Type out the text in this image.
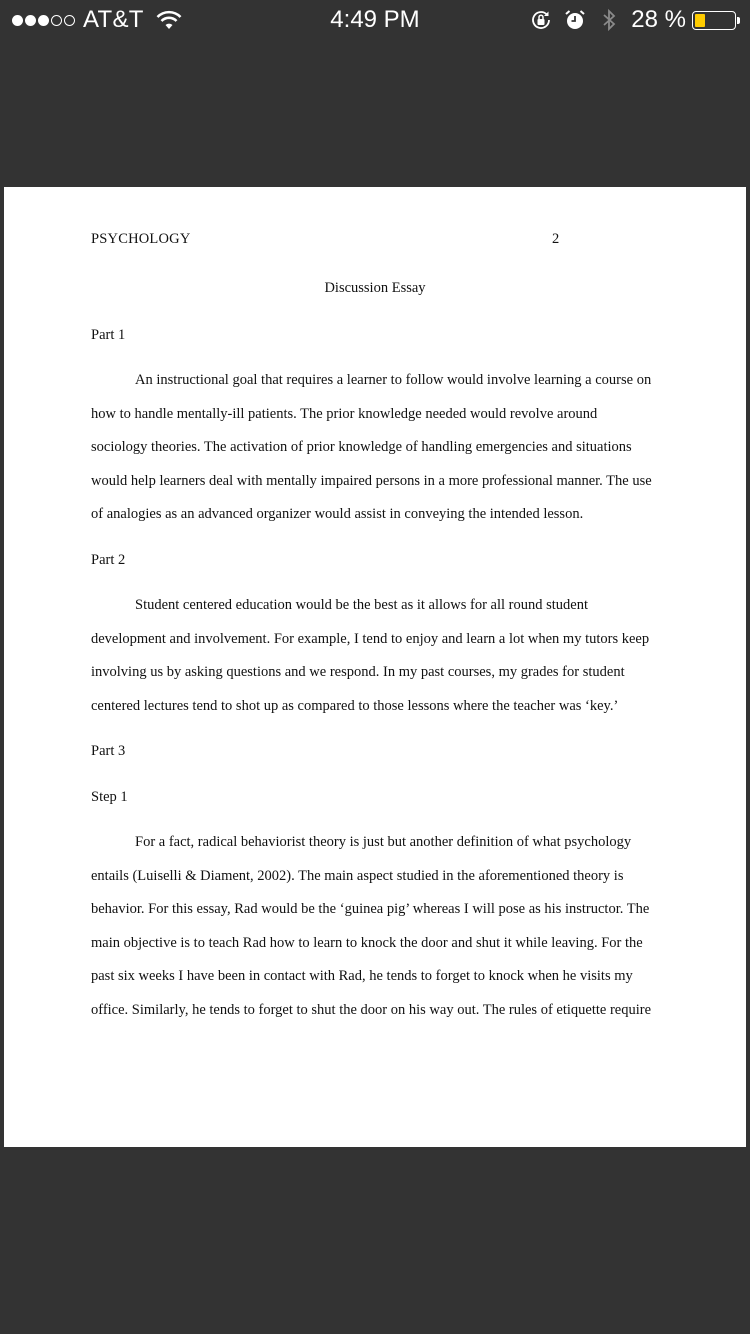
AT&T	4:49 PM	28 %
PSYCHOLOGY	2
Discussion Essay
Part 1
An instructional goal that requires a learner to follow would involve learning a course on
how to handle mentally-ill patients. The prior knowledge needed would revolve around
sociology theories. The activation of prior knowledge of handling emergencies and situations
would help learners deal with mentally impaired persons in a more professional manner. The use
of analogies as an advanced organizer would assist in conveying the intended lesson.
Part 2
Student centered education would be the best as it allows for all round student
development and involvement. For example, I tend to enjoy and learn a lot when my tutors keep
involving us by asking questions and we respond. In my past courses, my grades for student
centered lectures tend to shot up as compared to those lessons where the teacher was ‘key.’
Part 3
Step 1
For a fact, radical behaviorist theory is just but another definition of what psychology
entails (Luiselli & Diament, 2002). The main aspect studied in the aforementioned theory is
behavior. For this essay, Rad would be the ‘guinea pig’ whereas I will pose as his instructor. The
main objective is to teach Rad how to learn to knock the door and shut it while leaving. For the
past six weeks I have been in contact with Rad, he tends to forget to knock when he visits my
office. Similarly, he tends to forget to shut the door on his way out. The rules of etiquette require
